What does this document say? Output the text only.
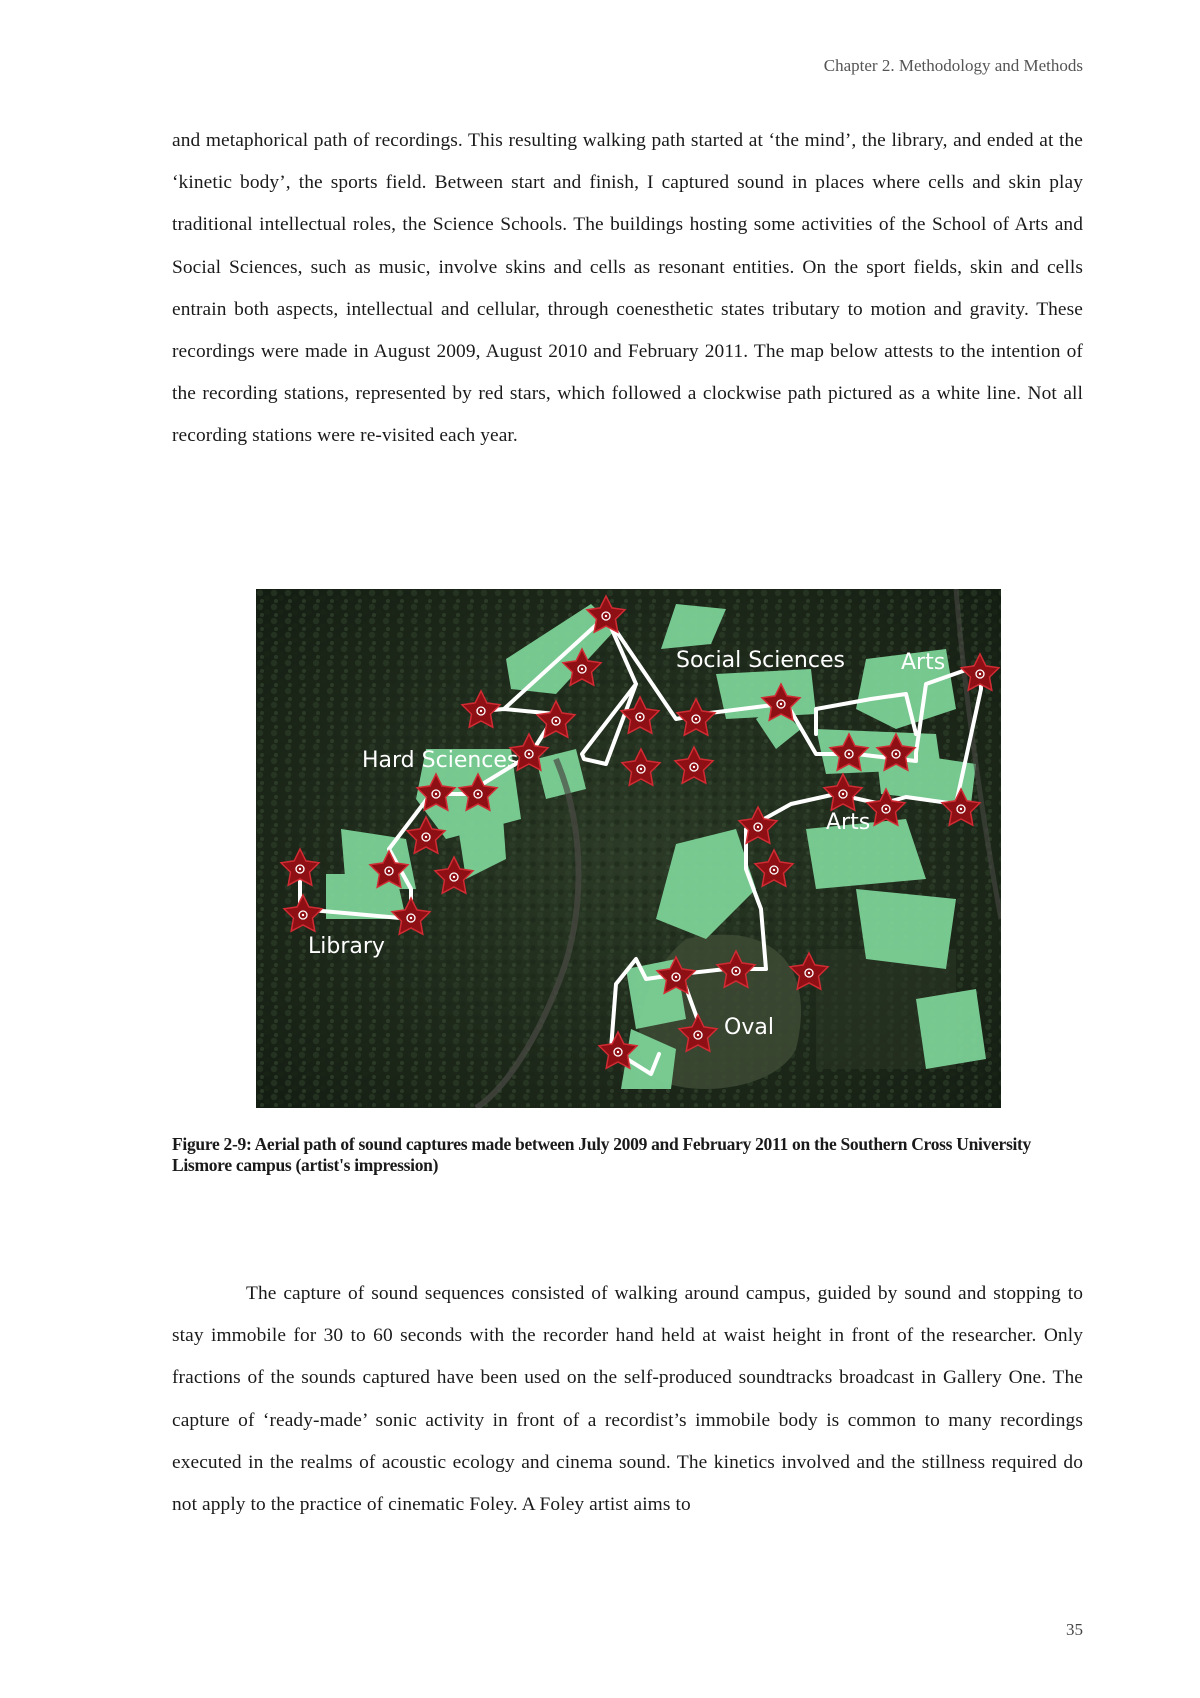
Chapter 2. Methodology and Methods

and metaphorical path of recordings. This resulting walking path started at ‘the mind’, the library, and ended at the ‘kinetic body’, the sports field. Between start and finish, I captured sound in places where cells and skin play traditional intellectual roles, the Science Schools. The buildings hosting some activities of the School of Arts and Social Sciences, such as music, involve skins and cells as resonant entities. On the sport fields, skin and cells entrain both aspects, intellectual and cellular, through coenesthetic states tributary to motion and gravity. These recordings were made in August 2009, August 2010 and February 2011. The map below attests to the intention of the recording stations, represented by red stars, which followed a clockwise path pictured as a white line. Not all recording stations were re-visited each year.

Social Sciences	Arts
Hard Sciences
Arts
Library
Oval

Figure 2-9: Aerial path of sound captures made between July 2009 and February 2011 on the Southern Cross University Lismore campus (artist's impression)

The capture of sound sequences consisted of walking around campus, guided by sound and stopping to stay immobile for 30 to 60 seconds with the recorder hand held at waist height in front of the researcher. Only fractions of the sounds captured have been used on the self-produced soundtracks broadcast in Gallery One. The capture of ‘ready-made’ sonic activity in front of a recordist’s immobile body is common to many recordings executed in the realms of acoustic ecology and cinema sound. The kinetics involved and the stillness required do not apply to the practice of cinematic Foley. A Foley artist aims to

35
